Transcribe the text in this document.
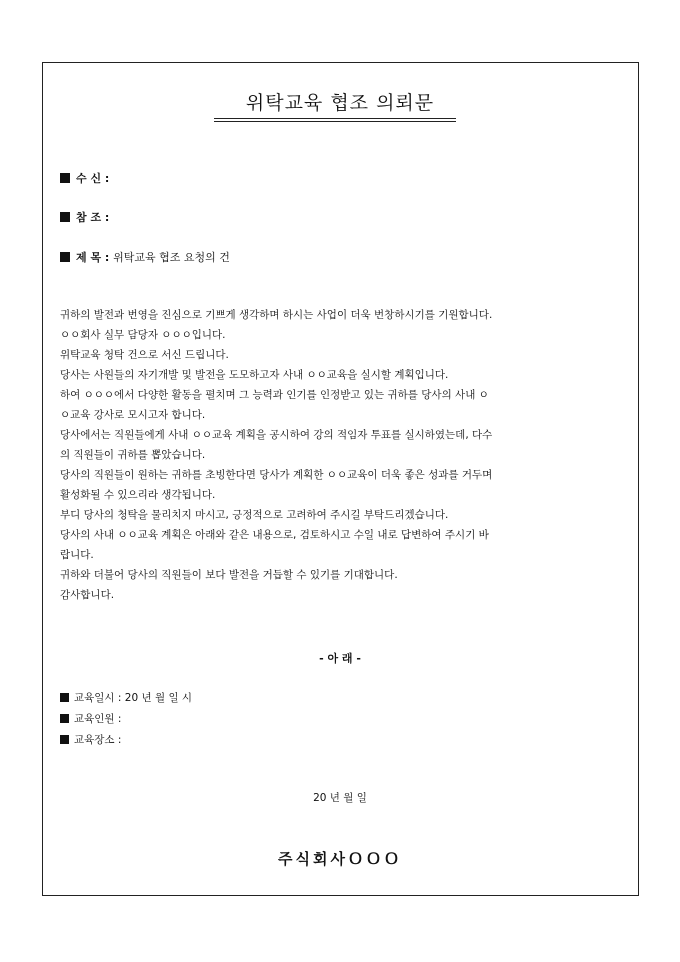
위탁교육 협조 의뢰문
수 신 :
참 조 :
제 목 : 위탁교육 협조 요청의 건
귀하의 발전과 번영을 진심으로 기쁘게 생각하며 하시는 사업이 더욱 번창하시기를 기원합니다.
ㅇㅇ회사 실무 담당자 ㅇㅇㅇ입니다.
위탁교육 청탁 건으로 서신 드립니다.
당사는 사원들의 자기개발 및 발전을 도모하고자 사내 ㅇㅇ교육을 실시할 계획입니다.
하여 ㅇㅇㅇ에서 다양한 활동을 펼치며 그 능력과 인기를 인정받고 있는 귀하를 당사의 사내 ㅇ
ㅇ교육 강사로 모시고자 합니다.
당사에서는 직원들에게 사내 ㅇㅇ교육 계획을 공시하여 강의 적임자 투표를 실시하였는데, 다수
의 직원들이 귀하를 뽑았습니다.
당사의 직원들이 원하는 귀하를 초빙한다면 당사가 계획한 ㅇㅇ교육이 더욱 좋은 성과를 거두며
활성화될 수 있으리라 생각됩니다.
부디 당사의 청탁을 물리치지 마시고, 긍정적으로 고려하여 주시길 부탁드리겠습니다.
당사의 사내 ㅇㅇ교육 계획은 아래와 같은 내용으로, 검토하시고 수일 내로 답변하여 주시기 바
랍니다.
귀하와 더불어 당사의 직원들이 보다 발전을 거듭할 수 있기를 기대합니다.
감사합니다.
- 아 래 -
교육일시 : 20 년 월 일 시
교육인원 :
교육장소 :
20 년 월 일
주식회사ＯＯＯ
